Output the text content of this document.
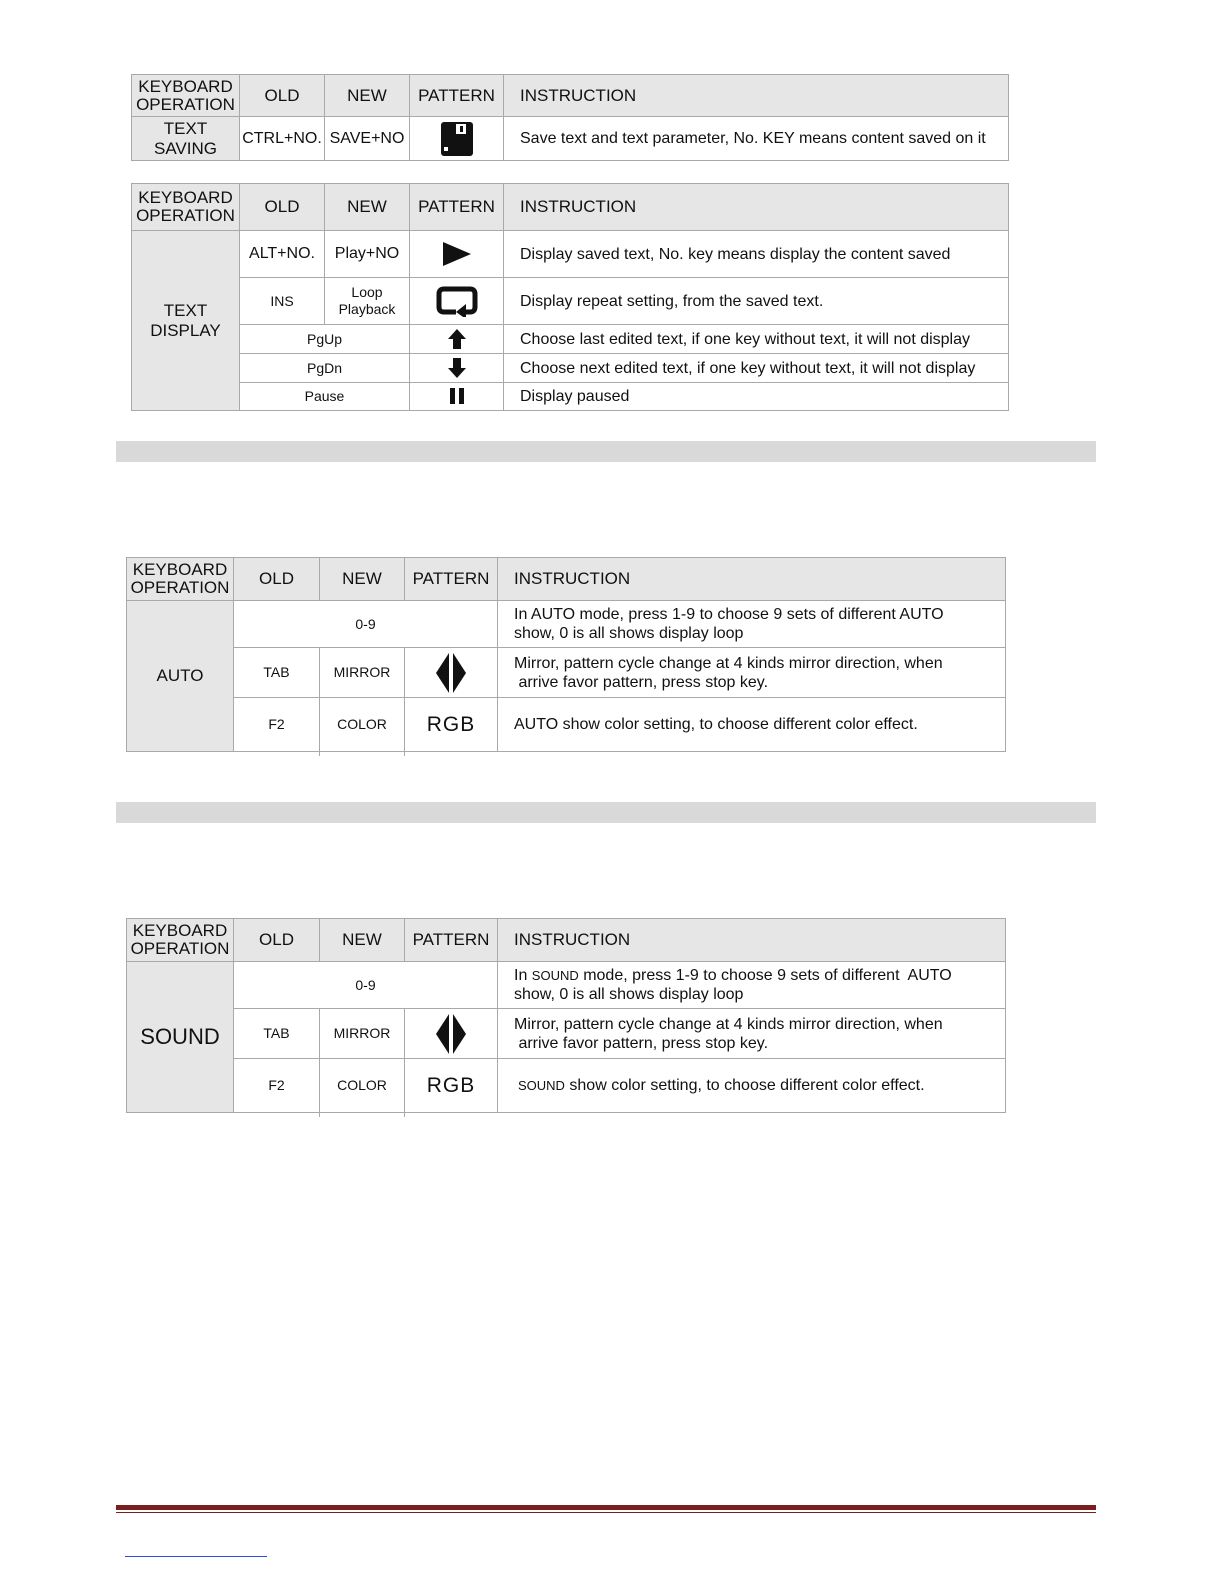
KEYBOARD OPERATION	OLD	NEW	PATTERN	INSTRUCTION
TEXT SAVING	CTRL+NO.	SAVE+NO		Save text and text parameter, No. KEY means content saved on it
KEYBOARD OPERATION	OLD	NEW	PATTERN	INSTRUCTION
TEXT DISPLAY	ALT+NO.	Play+NO		Display saved text, No. key means display the content saved
	INS	Loop Playback		Display repeat setting, from the saved text.
	PgUp			Choose last edited text, if one key without text, it will not display
	PgDn			Choose next edited text, if one key without text, it will not display
	Pause			Display paused
KEYBOARD OPERATION	OLD	NEW	PATTERN	INSTRUCTION
AUTO	0-9			In AUTO mode, press 1-9 to choose 9 sets of different AUTO
show, 0 is all shows display loop

	TAB	MIRROR		Mirror, pattern cycle change at 4 kinds mirror direction, when
arrive favor pattern, press stop key.

	F2	COLOR	RGB	AUTO show color setting, to choose different color effect.
KEYBOARD OPERATION	OLD	NEW	PATTERN	INSTRUCTION
SOUND	0-9			In SOUND mode, press 1-9 to choose 9 sets of different  AUTO
show, 0 is all shows display loop

	TAB	MIRROR		Mirror, pattern cycle change at 4 kinds mirror direction, when
arrive favor pattern, press stop key.

	F2	COLOR	RGB	SOUND show color setting, to choose different color effect.
